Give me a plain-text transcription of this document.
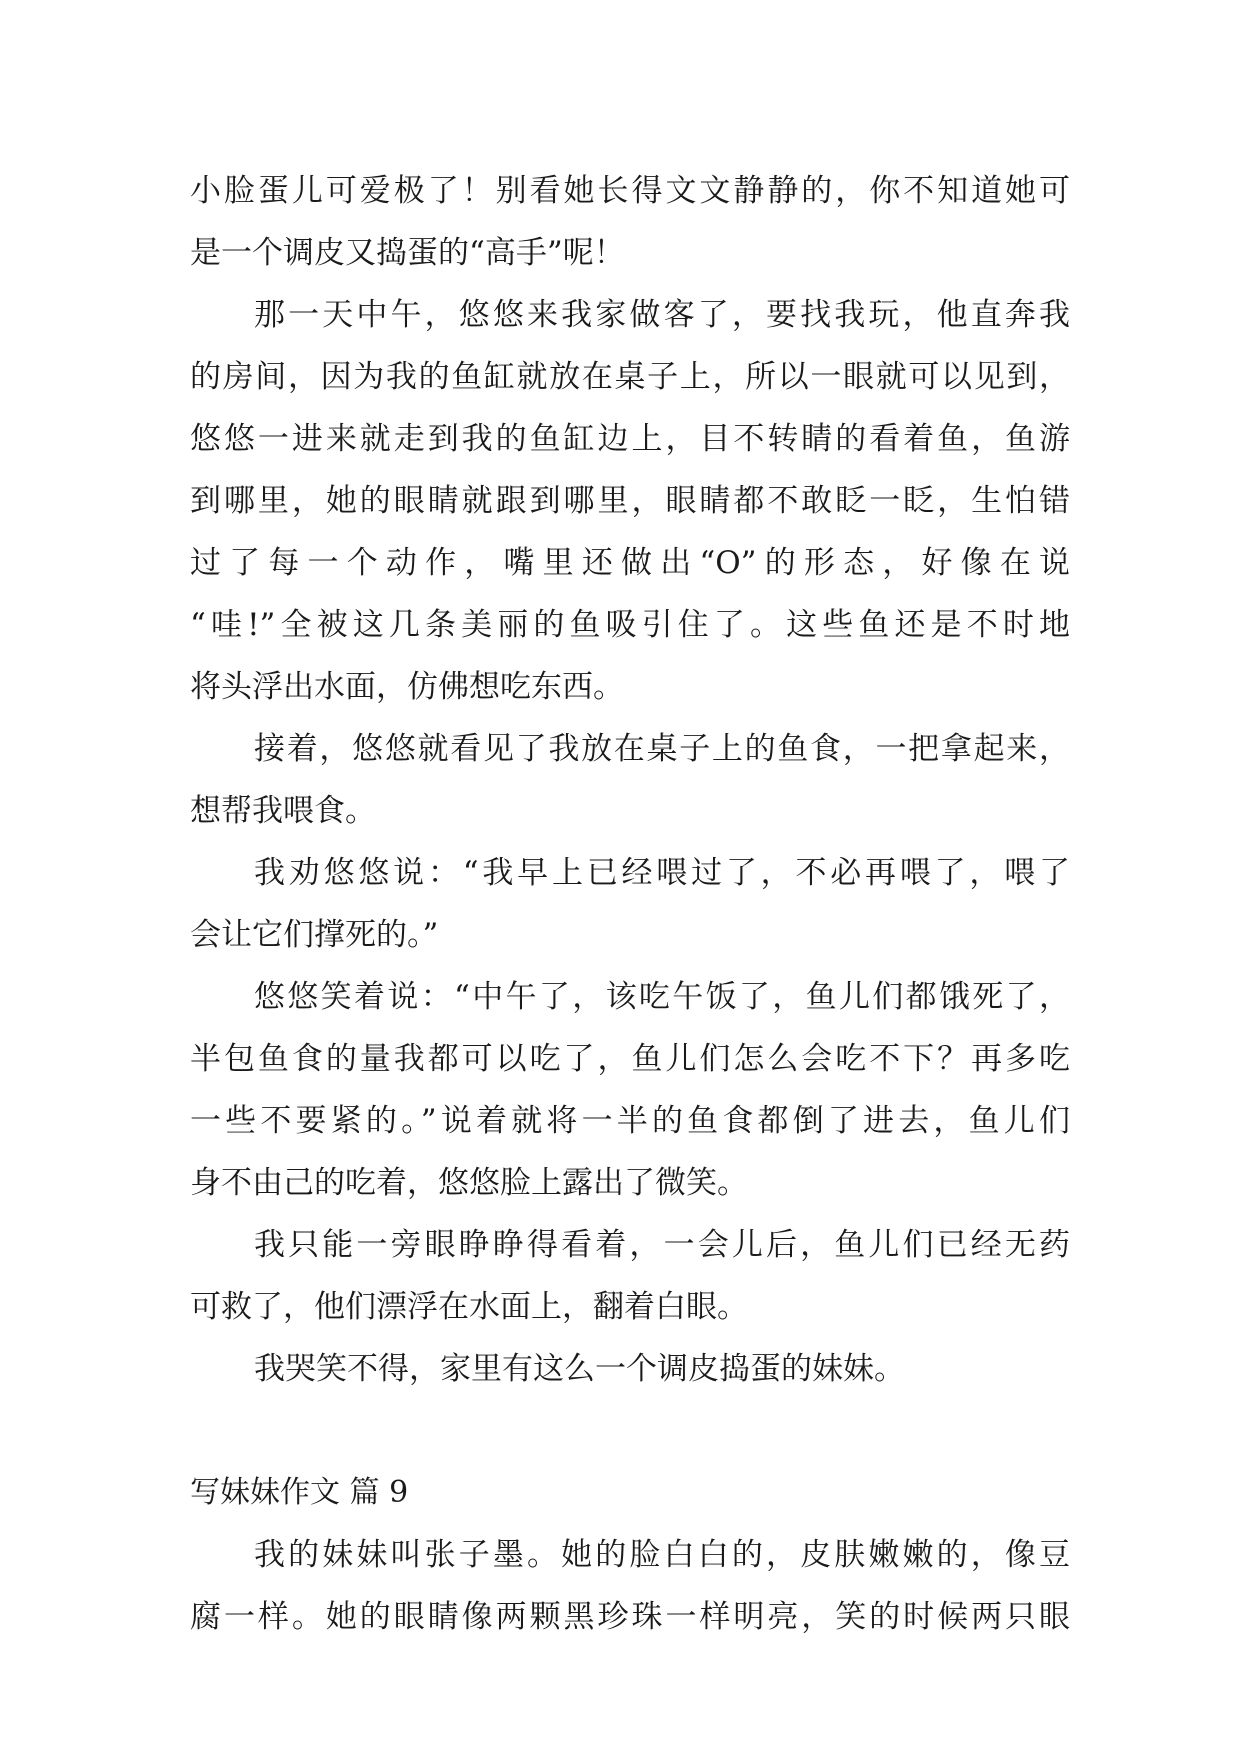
小脸蛋儿可爱极了！别看她长得文文静静的，你不知道她可
是一个调皮又捣蛋的“高手”呢！
那一天中午，悠悠来我家做客了，要找我玩，他直奔我
的房间，因为我的鱼缸就放在桌子上，所以一眼就可以见到，
悠悠一进来就走到我的鱼缸边上，目不转睛的看着鱼，鱼游
到哪里，她的眼睛就跟到哪里，眼睛都不敢眨一眨，生怕错
过了每一个动作，嘴里还做出“O”的形态，好像在说
“哇!”全被这几条美丽的鱼吸引住了。这些鱼还是不时地
将头浮出水面，仿佛想吃东西。
接着，悠悠就看见了我放在桌子上的鱼食，一把拿起来，
想帮我喂食。
我劝悠悠说：“我早上已经喂过了，不必再喂了，喂了
会让它们撑死的。”
悠悠笑着说：“中午了，该吃午饭了，鱼儿们都饿死了，
半包鱼食的量我都可以吃了，鱼儿们怎么会吃不下？再多吃
一些不要紧的。”说着就将一半的鱼食都倒了进去，鱼儿们
身不由己的吃着，悠悠脸上露出了微笑。
我只能一旁眼睁睁得看着，一会儿后，鱼儿们已经无药
可救了，他们漂浮在水面上，翻着白眼。
我哭笑不得，家里有这么一个调皮捣蛋的妹妹。
写妹妹作文 篇 9
我的妹妹叫张子墨。她的脸白白的，皮肤嫩嫩的，像豆
腐一样。她的眼睛像两颗黑珍珠一样明亮，笑的时候两只眼
